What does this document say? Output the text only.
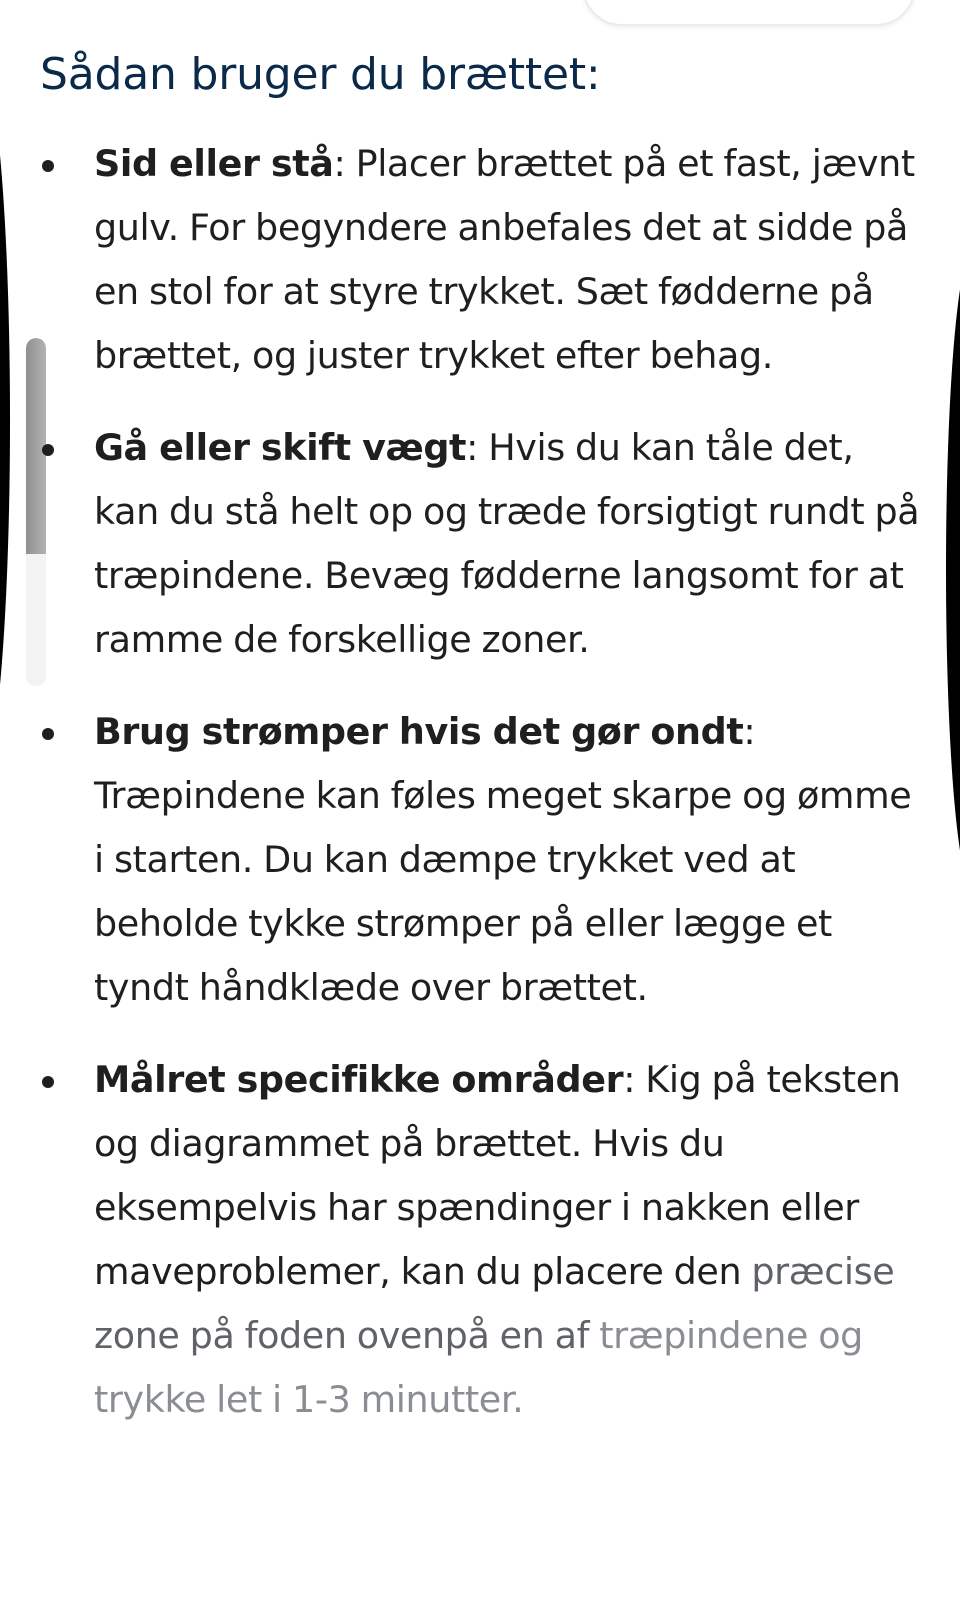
Sådan bruger du brættet:
Sid eller stå: Placer brættet på et fast, jævnt gulv. For begyndere anbefales det at sidde på en stol for at styre trykket. Sæt fødderne på brættet, og juster trykket efter behag.
Gå eller skift vægt: Hvis du kan tåle det, kan du stå helt op og træde forsigtigt rundt på træpindene. Bevæg fødderne langsomt for at ramme de forskellige zoner.
Brug strømper hvis det gør ondt: Træpindene kan føles meget skarpe og ømme i starten. Du kan dæmpe trykket ved at beholde tykke strømper på eller lægge et tyndt håndklæde over brættet.
Målret specifikke områder: Kig på teksten og diagrammet på brættet. Hvis du eksempelvis har spændinger i nakken eller maveproblemer, kan du placere den præcise zone på foden ovenpå en af træpindene og trykke let i 1-3 minutter.
